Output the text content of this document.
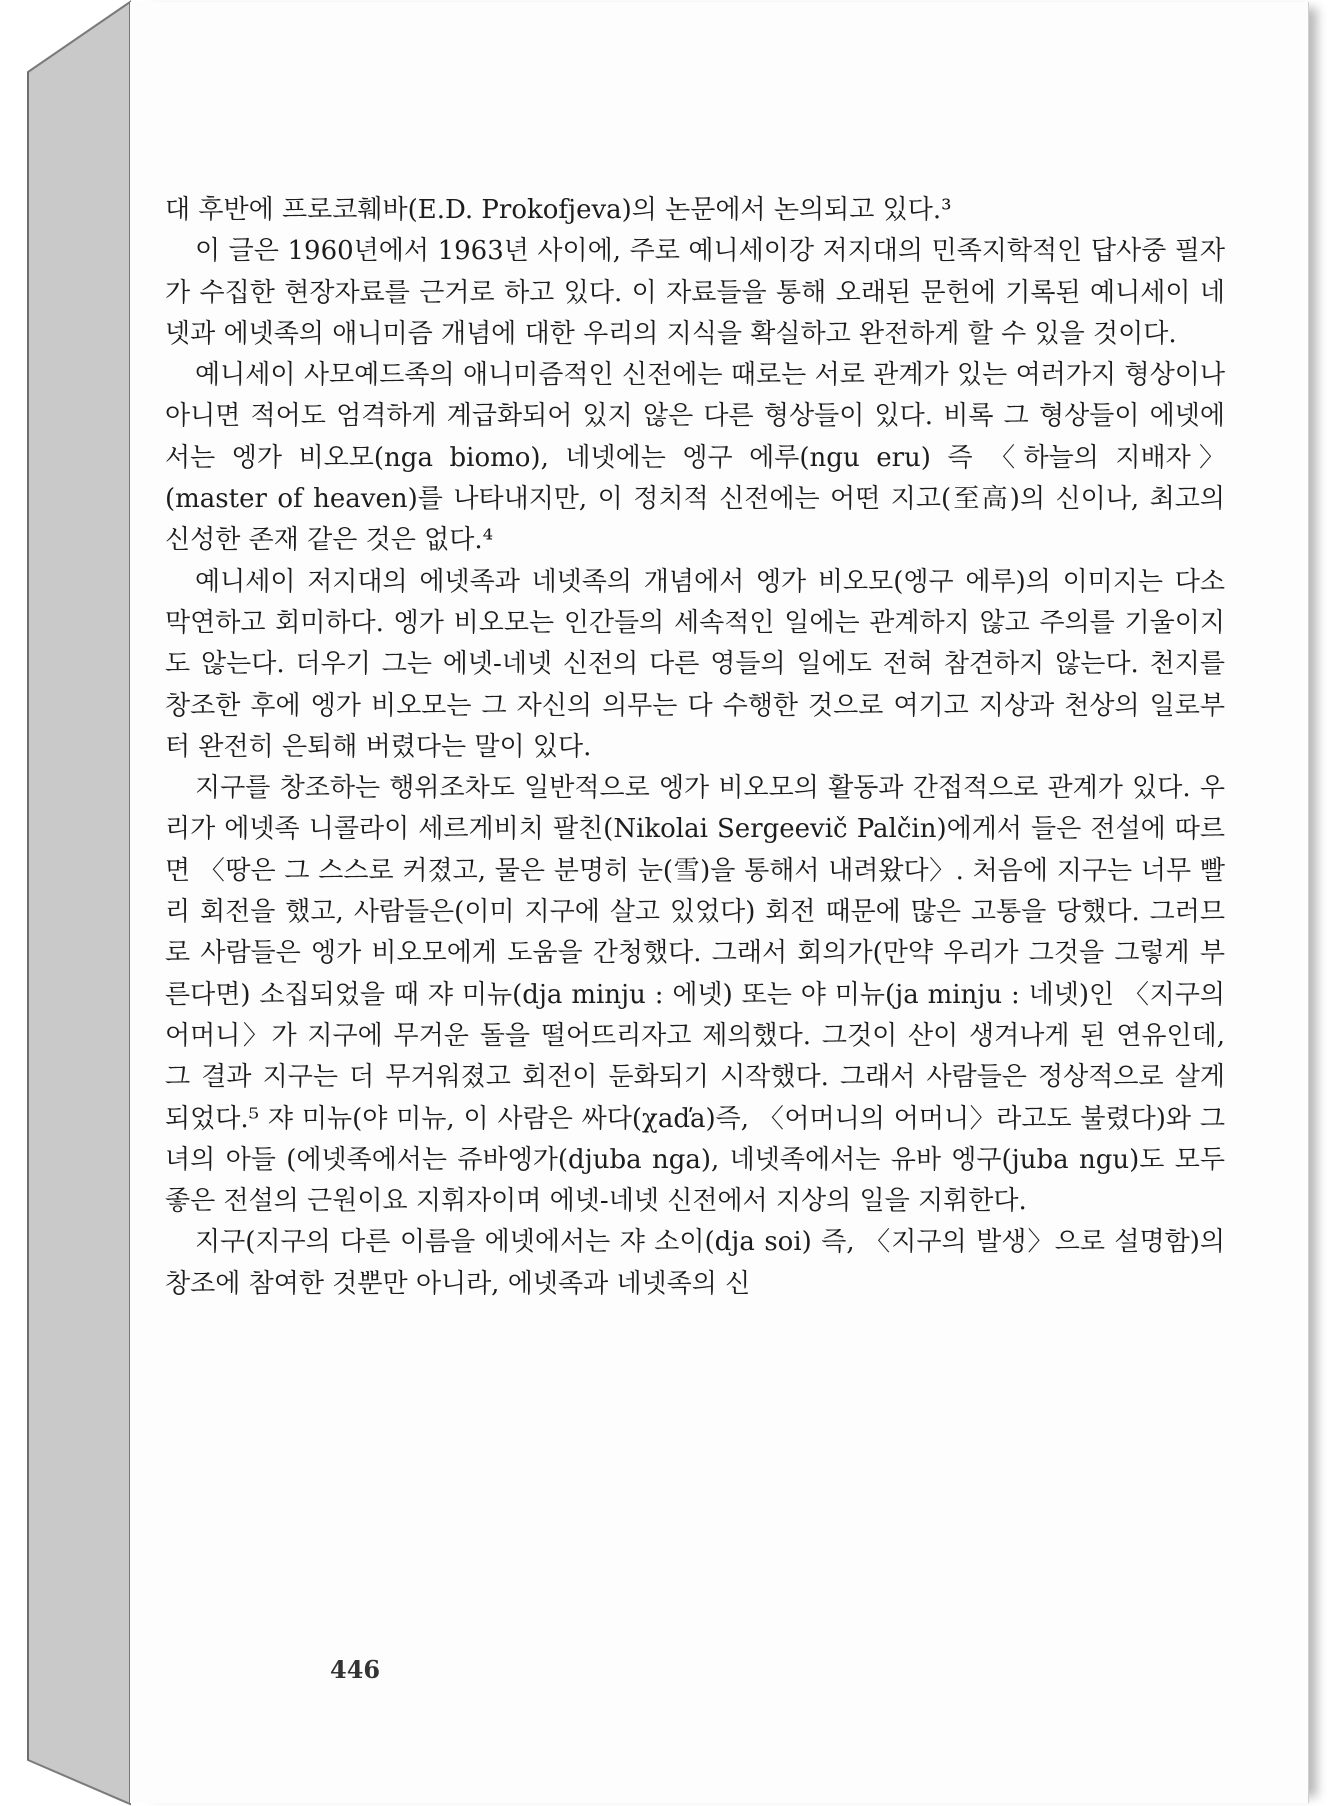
대 후반에 프로코훼바(E.D. Prokofjeva)의 논문에서 논의되고 있다.³

이 글은 1960년에서 1963년 사이에, 주로 예니세이강 저지대의 민족지학적인 답사중 필자가 수집한 현장자료를 근거로 하고 있다. 이 자료들을 통해 오래된 문헌에 기록된 예니세이 네넷과 에넷족의 애니미즘 개념에 대한 우리의 지식을 확실하고 완전하게 할 수 있을 것이다.

예니세이 사모예드족의 애니미즘적인 신전에는 때로는 서로 관계가 있는 여러가지 형상이나 아니면 적어도 엄격하게 계급화되어 있지 않은 다른 형상들이 있다. 비록 그 형상들이 에넷에서는 엥가 비오모(nga biomo), 네넷에는 엥구 에루(ngu eru) 즉 〈하늘의 지배자〉(master of heaven)를 나타내지만, 이 정치적 신전에는 어떤 지고(至高)의 신이나, 최고의 신성한 존재 같은 것은 없다.⁴

예니세이 저지대의 에넷족과 네넷족의 개념에서 엥가 비오모(엥구 에루)의 이미지는 다소 막연하고 회미하다. 엥가 비오모는 인간들의 세속적인 일에는 관계하지 않고 주의를 기울이지도 않는다. 더우기 그는 에넷-네넷 신전의 다른 영들의 일에도 전혀 참견하지 않는다. 천지를 창조한 후에 엥가 비오모는 그 자신의 의무는 다 수행한 것으로 여기고 지상과 천상의 일로부터 완전히 은퇴해 버렸다는 말이 있다.

지구를 창조하는 행위조차도 일반적으로 엥가 비오모의 활동과 간접적으로 관계가 있다. 우리가 에넷족 니콜라이 세르게비치 팔친(Nikolai Sergeevič Palčin)에게서 들은 전설에 따르면 〈땅은 그 스스로 커졌고, 물은 분명히 눈(雪)을 통해서 내려왔다〉. 처음에 지구는 너무 빨리 회전을 했고, 사람들은(이미 지구에 살고 있었다) 회전 때문에 많은 고통을 당했다. 그러므로 사람들은 엥가 비오모에게 도움을 간청했다. 그래서 회의가(만약 우리가 그것을 그렇게 부른다면) 소집되었을 때 쟈 미뉴(dja minju : 에넷) 또는 야 미뉴(ja minju : 네넷)인 〈지구의 어머니〉가 지구에 무거운 돌을 떨어뜨리자고 제의했다. 그것이 산이 생겨나게 된 연유인데, 그 결과 지구는 더 무거워졌고 회전이 둔화되기 시작했다. 그래서 사람들은 정상적으로 살게 되었다.⁵ 쟈 미뉴(야 미뉴, 이 사람은 싸다(χaďa)즉, 〈어머니의 어머니〉라고도 불렸다)와 그녀의 아들 (에넷족에서는 쥬바엥가(djuba nga), 네넷족에서는 유바 엥구(juba ngu)도 모두 좋은 전설의 근원이요 지휘자이며 에넷-네넷 신전에서 지상의 일을 지휘한다.

지구(지구의 다른 이름을 에넷에서는 쟈 소이(dja soi) 즉, 〈지구의 발생〉으로 설명함)의 창조에 참여한 것뿐만 아니라, 에넷족과 네넷족의 신

446
